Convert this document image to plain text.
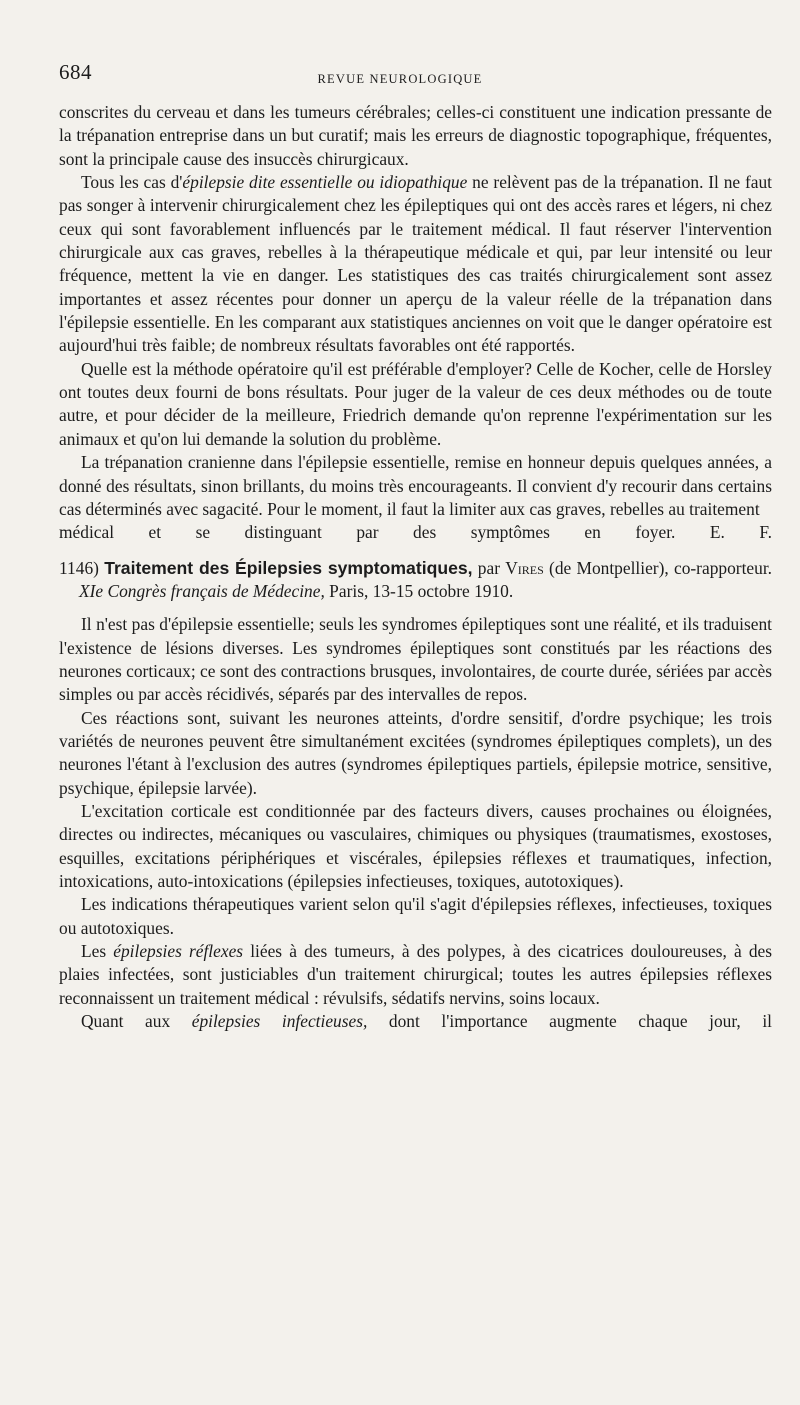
684	REVUE NEUROLOGIQUE

conscrites du cerveau et dans les tumeurs cérébrales; celles-ci constituent une indication pressante de la trépanation entreprise dans un but curatif; mais les erreurs de diagnostic topographique, fréquentes, sont la principale cause des insuccès chirurgicaux.

Tous les cas d'épilepsie dite essentielle ou idiopathique ne relèvent pas de la trépanation. Il ne faut pas songer à intervenir chirurgicalement chez les épileptiques qui ont des accès rares et légers, ni chez ceux qui sont favorablement influencés par le traitement médical. Il faut réserver l'intervention chirurgicale aux cas graves, rebelles à la thérapeutique médicale et qui, par leur intensité ou leur fréquence, mettent la vie en danger. Les statistiques des cas traités chirurgicalement sont assez importantes et assez récentes pour donner un aperçu de la valeur réelle de la trépanation dans l'épilepsie essentielle. En les comparant aux statistiques anciennes on voit que le danger opératoire est aujourd'hui très faible; de nombreux résultats favorables ont été rapportés.

Quelle est la méthode opératoire qu'il est préférable d'employer? Celle de Kocher, celle de Horsley ont toutes deux fourni de bons résultats. Pour juger de la valeur de ces deux méthodes ou de toute autre, et pour décider de la meilleure, Friedrich demande qu'on reprenne l'expérimentation sur les animaux et qu'on lui demande la solution du problème.

La trépanation cranienne dans l'épilepsie essentielle, remise en honneur depuis quelques années, a donné des résultats, sinon brillants, du moins très encourageants. Il convient d'y recourir dans certains cas déterminés avec sagacité. Pour le moment, il faut la limiter aux cas graves, rebelles au traitement

médical et se distinguant par des symptômes en foyer. E. F.

1146) Traitement des Épilepsies symptomatiques, par Vires (de Montpellier), co-rapporteur. XIe Congrès français de Médecine, Paris, 13-15 octobre 1910.

Il n'est pas d'épilepsie essentielle; seuls les syndromes épileptiques sont une réalité, et ils traduisent l'existence de lésions diverses. Les syndromes épileptiques sont constitués par les réactions des neurones corticaux; ce sont des contractions brusques, involontaires, de courte durée, sériées par accès simples ou par accès récidivés, séparés par des intervalles de repos.

Ces réactions sont, suivant les neurones atteints, d'ordre sensitif, d'ordre psychique; les trois variétés de neurones peuvent être simultanément excitées (syndromes épileptiques complets), un des neurones l'étant à l'exclusion des autres (syndromes épileptiques partiels, épilepsie motrice, sensitive, psychique, épilepsie larvée).

L'excitation corticale est conditionnée par des facteurs divers, causes prochaines ou éloignées, directes ou indirectes, mécaniques ou vasculaires, chimiques ou physiques (traumatismes, exostoses, esquilles, excitations périphériques et viscérales, épilepsies réflexes et traumatiques, infection, intoxications, auto-intoxications (épilepsies infectieuses, toxiques, autotoxiques).

Les indications thérapeutiques varient selon qu'il s'agit d'épilepsies réflexes, infectieuses, toxiques ou autotoxiques.

Les épilepsies réflexes liées à des tumeurs, à des polypes, à des cicatrices douloureuses, à des plaies infectées, sont justiciables d'un traitement chirurgical; toutes les autres épilepsies réflexes reconnaissent un traitement médical : révulsifs, sédatifs nervins, soins locaux.

Quant aux épilepsies infectieuses, dont l'importance augmente chaque jour, il
